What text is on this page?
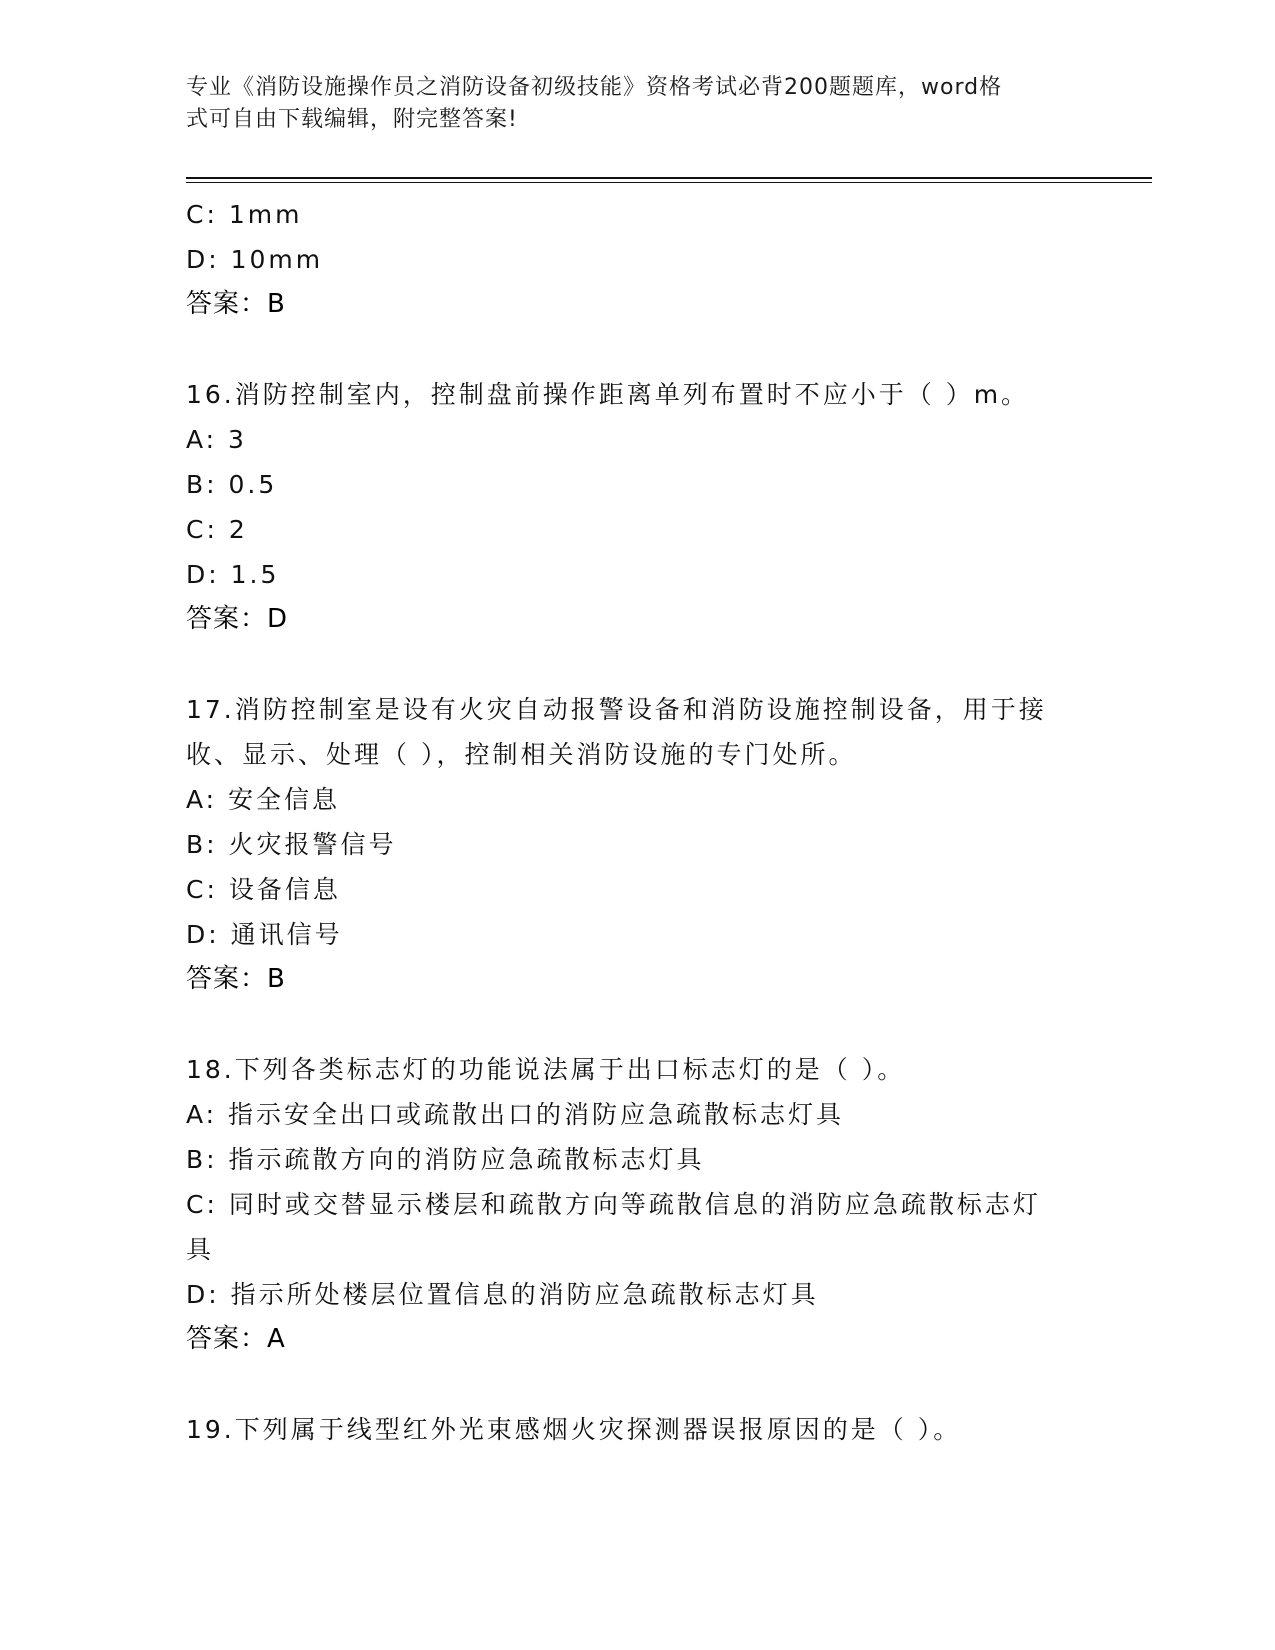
专业《消防设施操作员之消防设备初级技能》资格考试必背200题题库，word格
式可自由下载编辑，附完整答案!
C: 1mm
D: 10mm
答案：B
16.消防控制室内，控制盘前操作距离单列布置时不应小于（ ）m。
A: 3
B: 0.5
C: 2
D: 1.5
答案：D
17.消防控制室是设有火灾自动报警设备和消防设施控制设备，用于接
收、显示、处理（ ），控制相关消防设施的专门处所。
A: 安全信息
B: 火灾报警信号
C: 设备信息
D: 通讯信号
答案：B
18.下列各类标志灯的功能说法属于出口标志灯的是（ ）。
A: 指示安全出口或疏散出口的消防应急疏散标志灯具
B: 指示疏散方向的消防应急疏散标志灯具
C: 同时或交替显示楼层和疏散方向等疏散信息的消防应急疏散标志灯
具
D: 指示所处楼层位置信息的消防应急疏散标志灯具
答案：A
19.下列属于线型红外光束感烟火灾探测器误报原因的是（ ）。
